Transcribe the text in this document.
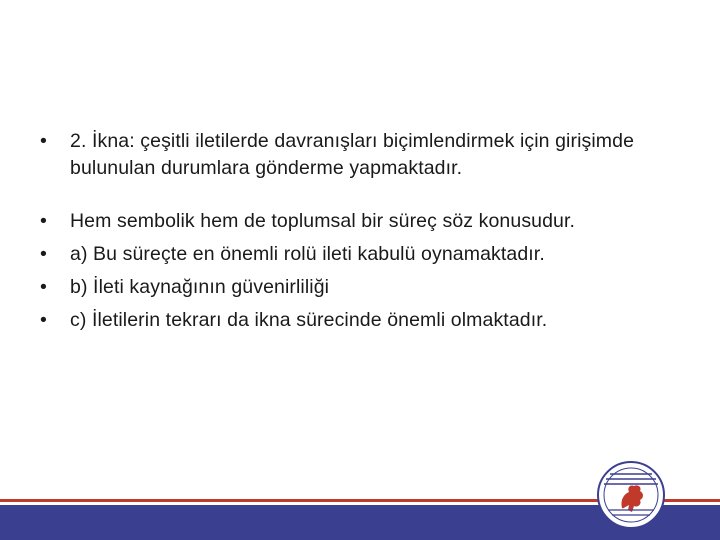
•	2. İkna: çeşitli iletilerde davranışları biçimlendirmek için girişimde bulunulan durumlara gönderme yapmaktadır.
•	Hem sembolik hem de toplumsal bir süreç söz konusudur.
•	a) Bu süreçte en önemli rolü ileti kabulü oynamaktadır.
•	b) İleti kaynağının güvenirliliği
•	c) İletilerin tekrarı da ikna sürecinde önemli olmaktadır.
